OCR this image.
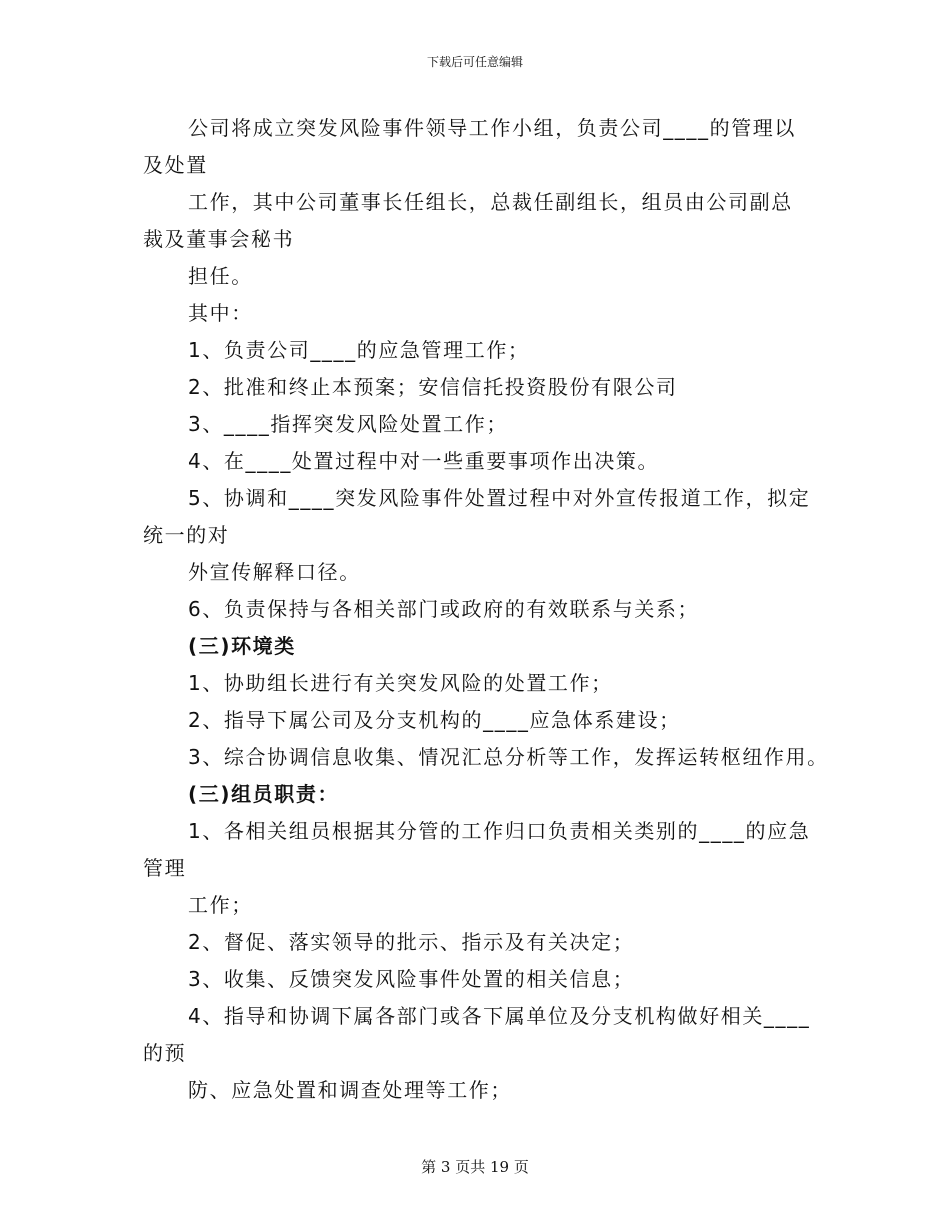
下载后可任意编辑
公司将成立突发风险事件领导工作小组，负责公司____的管理以
及处置
工作，其中公司董事长任组长，总裁任副组长，组员由公司副总
裁及董事会秘书
担任。
其中：
1、负责公司____的应急管理工作；
2、批准和终止本预案；安信信托投资股份有限公司
3、____指挥突发风险处置工作；
4、在____处置过程中对一些重要事项作出决策。
5、协调和____突发风险事件处置过程中对外宣传报道工作，拟定
统一的对
外宣传解释口径。
6、负责保持与各相关部门或政府的有效联系与关系；
(三)环境类
1、协助组长进行有关突发风险的处置工作；
2、指导下属公司及分支机构的____应急体系建设；
3、综合协调信息收集、情况汇总分析等工作，发挥运转枢纽作用。
(三)组员职责：
1、各相关组员根据其分管的工作归口负责相关类别的____的应急
管理
工作；
2、督促、落实领导的批示、指示及有关决定；
3、收集、反馈突发风险事件处置的相关信息；
4、指导和协调下属各部门或各下属单位及分支机构做好相关____
的预
防、应急处置和调查处理等工作；
第 3 页共 19 页
